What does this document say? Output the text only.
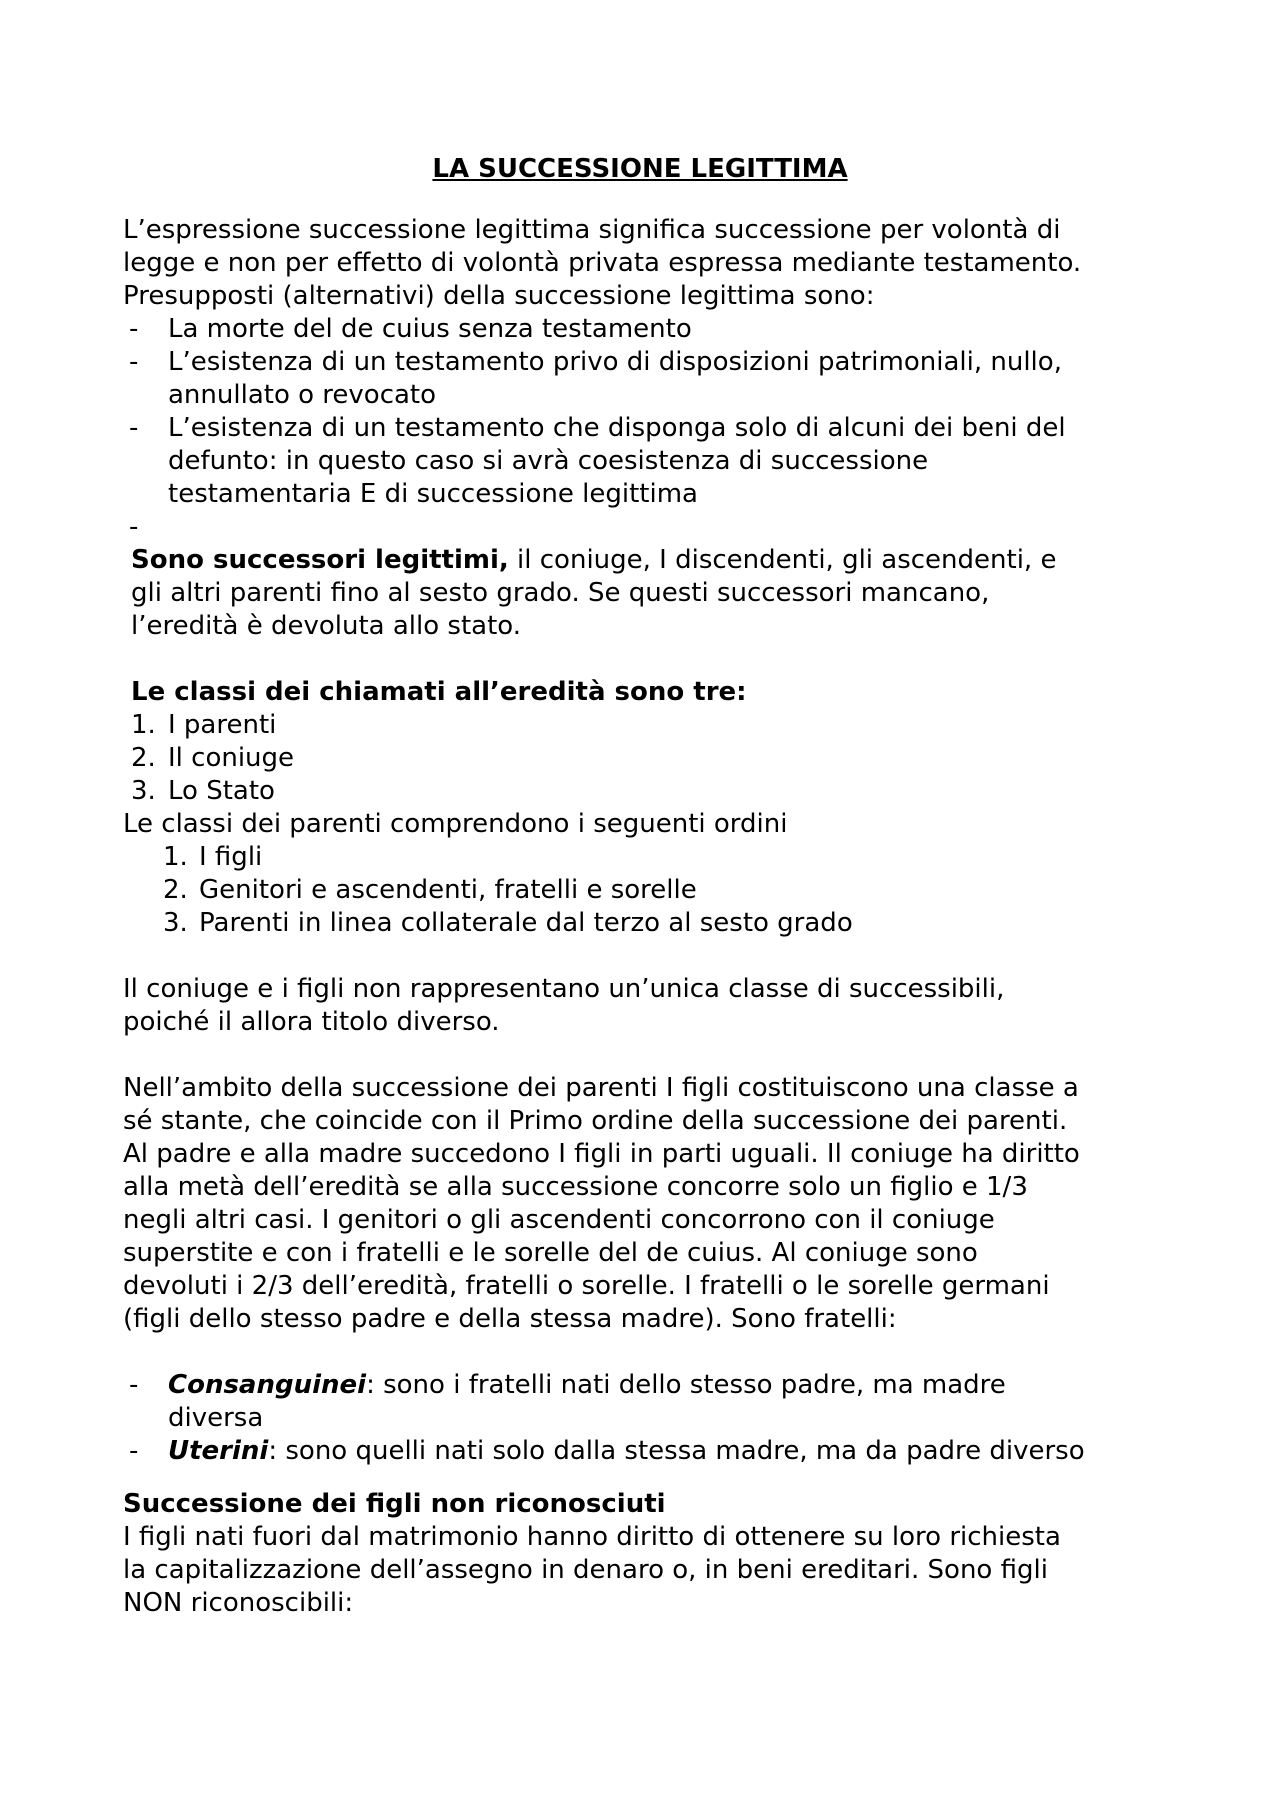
LA SUCCESSIONE LEGITTIMA

L’espressione successione legittima significa successione per volontà di

legge e non per effetto di volontà privata espressa mediante testamento.

Presupposti (alternativi) della successione legittima sono:

- La morte del de cuius senza testamento
- L’esistenza di un testamento privo di disposizioni patrimoniali, nullo,
annullato o revocato
- L’esistenza di un testamento che disponga solo di alcuni dei beni del
defunto: in questo caso si avrà coesistenza di successione
testamentaria E di successione legittima
-

Sono successori legittimi, il coniuge, I discendenti, gli ascendenti, e

gli altri parenti fino al sesto grado. Se questi successori mancano,

l’eredità è devoluta allo stato.

Le classi dei chiamati all’eredità sono tre:

1. I parenti
2. Il coniuge
3. Lo Stato

Le classi dei parenti comprendono i seguenti ordini

1. I figli
2. Genitori e ascendenti, fratelli e sorelle
3. Parenti in linea collaterale dal terzo al sesto grado

Il coniuge e i figli non rappresentano un’unica classe di successibili,

poiché il allora titolo diverso.

Nell’ambito della successione dei parenti I figli costituiscono una classe a

sé stante, che coincide con il Primo ordine della successione dei parenti.

Al padre e alla madre succedono I figli in parti uguali. Il coniuge ha diritto

alla metà dell’eredità se alla successione concorre solo un figlio e 1/3

negli altri casi. I genitori o gli ascendenti concorrono con il coniuge

superstite e con i fratelli e le sorelle del de cuius. Al coniuge sono

devoluti i 2/3 dell’eredità, fratelli o sorelle. I fratelli o le sorelle germani

(figli dello stesso padre e della stessa madre). Sono fratelli:

- Consanguinei: sono i fratelli nati dello stesso padre, ma madre
diversa
- Uterini: sono quelli nati solo dalla stessa madre, ma da padre diverso

Successione dei figli non riconosciuti

I figli nati fuori dal matrimonio hanno diritto di ottenere su loro richiesta

la capitalizzazione dell’assegno in denaro o, in beni ereditari. Sono figli

NON riconoscibili:
